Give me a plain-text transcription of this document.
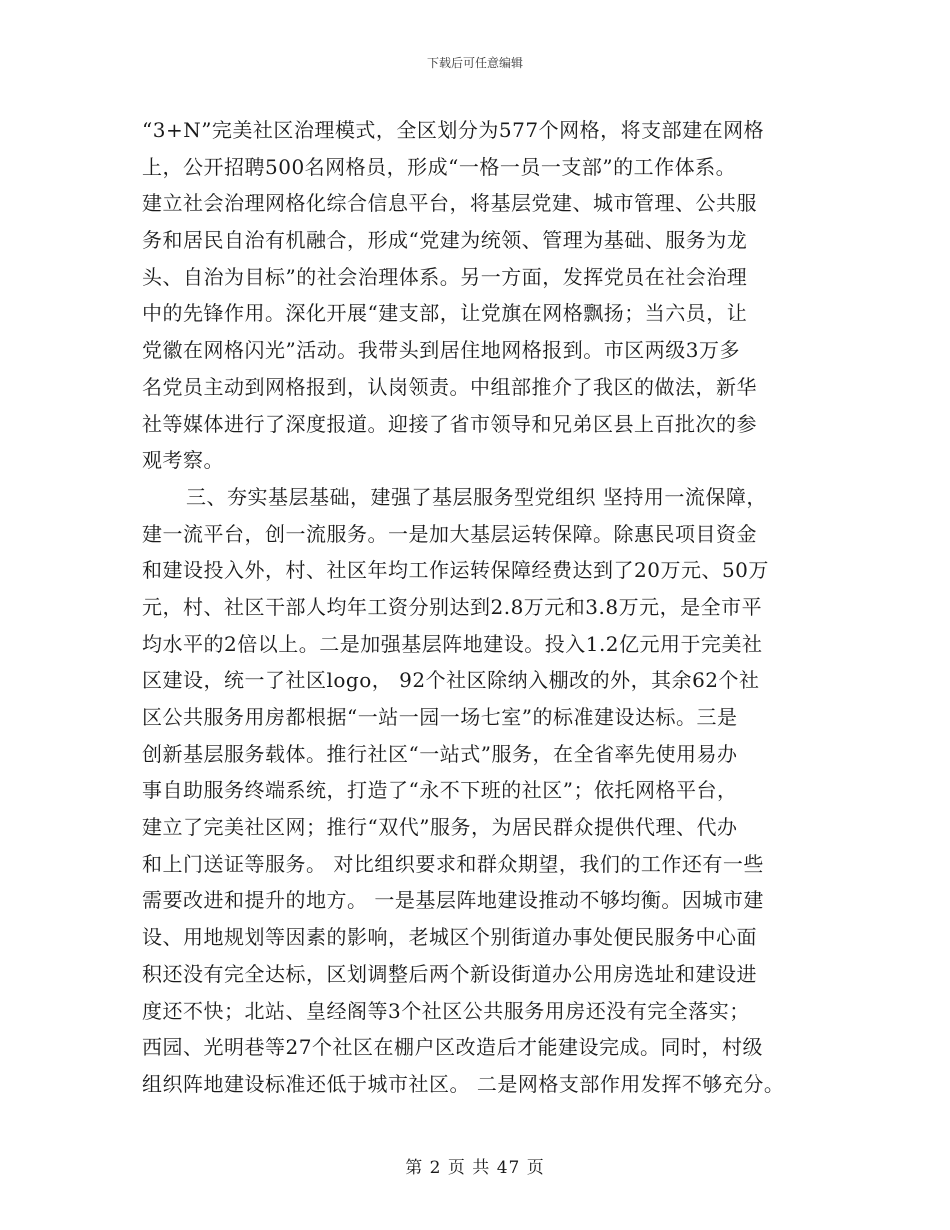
下载后可任意编辑
“3+N”完美社区治理模式，全区划分为577个网格，将支部建在网格
上，公开招聘500名网格员，形成“一格一员一支部”的工作体系。
建立社会治理网格化综合信息平台，将基层党建、城市管理、公共服
务和居民自治有机融合，形成“党建为统领、管理为基础、服务为龙
头、自治为目标”的社会治理体系。另一方面，发挥党员在社会治理
中的先锋作用。深化开展“建支部，让党旗在网格飘扬；当六员，让
党徽在网格闪光”活动。我带头到居住地网格报到。市区两级3万多
名党员主动到网格报到，认岗领责。中组部推介了我区的做法，新华
社等媒体进行了深度报道。迎接了省市领导和兄弟区县上百批次的参
观考察。
三、夯实基层基础，建强了基层服务型党组织 坚持用一流保障，
建一流平台，创一流服务。一是加大基层运转保障。除惠民项目资金
和建设投入外，村、社区年均工作运转保障经费达到了20万元、50万
元，村、社区干部人均年工资分别达到2.8万元和3.8万元，是全市平
均水平的2倍以上。二是加强基层阵地建设。投入1.2亿元用于完美社
区建设，统一了社区logo， 92个社区除纳入棚改的外，其余62个社
区公共服务用房都根据“一站一园一场七室”的标准建设达标。三是
创新基层服务载体。推行社区“一站式”服务，在全省率先使用易办
事自助服务终端系统，打造了“永不下班的社区”；依托网格平台，
建立了完美社区网；推行“双代”服务，为居民群众提供代理、代办
和上门送证等服务。 对比组织要求和群众期望，我们的工作还有一些
需要改进和提升的地方。 一是基层阵地建设推动不够均衡。因城市建
设、用地规划等因素的影响，老城区个别街道办事处便民服务中心面
积还没有完全达标，区划调整后两个新设街道办公用房选址和建设进
度还不快；北站、皇经阁等3个社区公共服务用房还没有完全落实；
西园、光明巷等27个社区在棚户区改造后才能建设完成。同时，村级
组织阵地建设标准还低于城市社区。 二是网格支部作用发挥不够充分。
第 2 页 共 47 页
